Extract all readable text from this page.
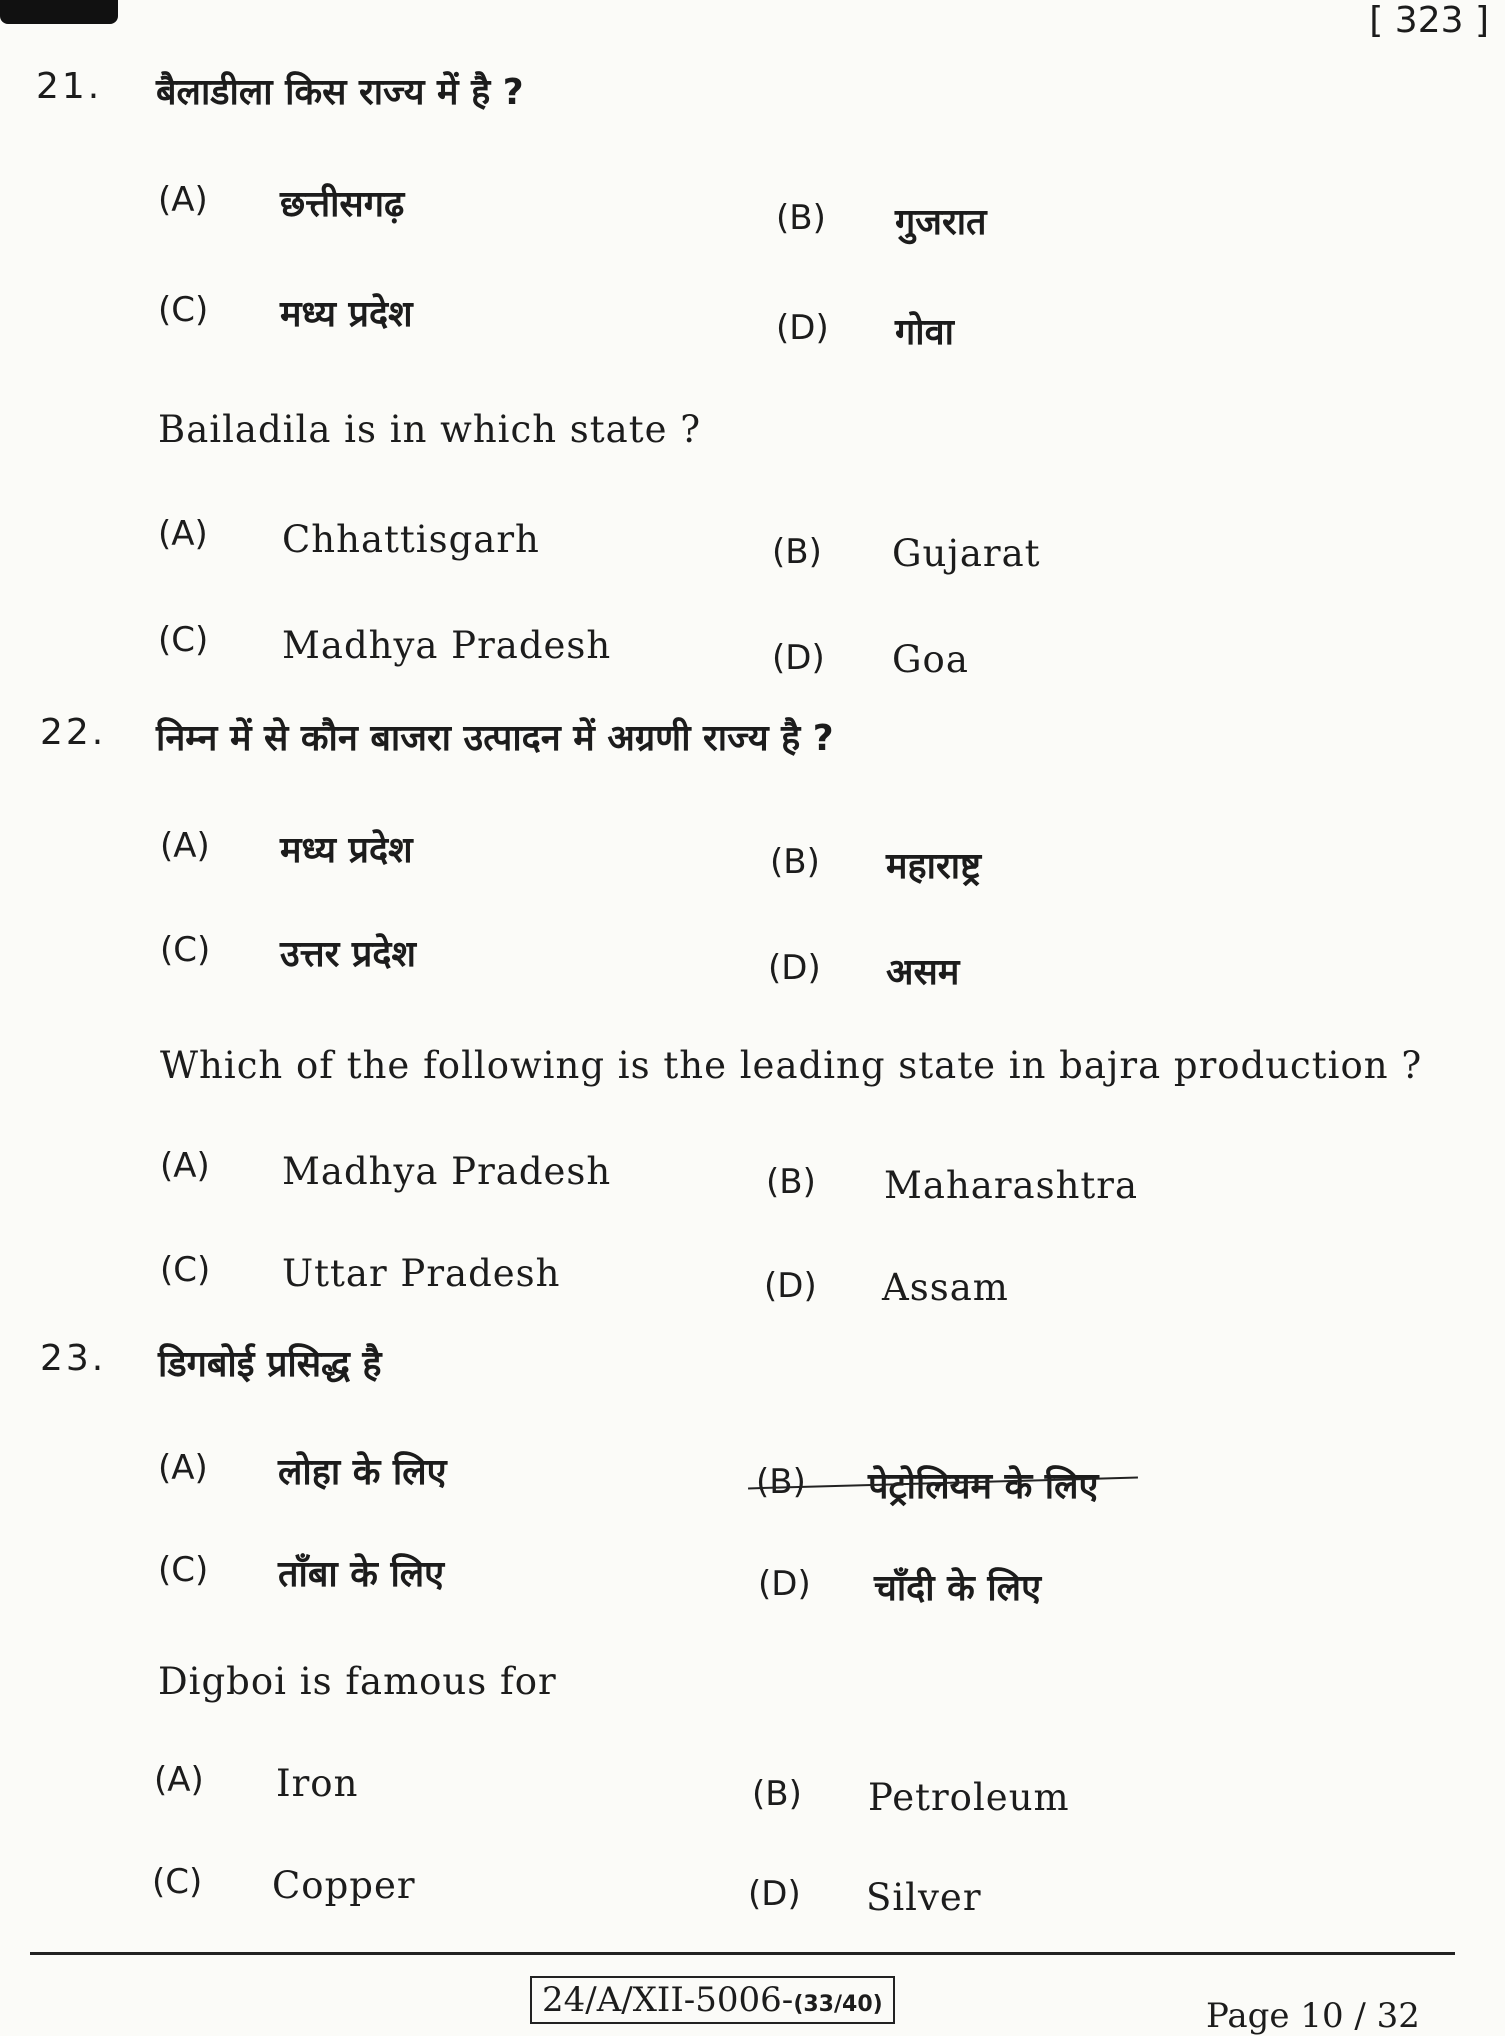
[ 323 ]
21. बैलाडीला किस राज्य में है ?
(A) छत्तीसगढ़	(B) गुजरात
(C) मध्य प्रदेश	(D) गोवा
Bailadila is in which state ?
(A) Chhattisgarh	(B) Gujarat
(C) Madhya Pradesh	(D) Goa
22. निम्न में से कौन बाजरा उत्पादन में अग्रणी राज्य है ?
(A) मध्य प्रदेश	(B) महाराष्ट्र
(C) उत्तर प्रदेश	(D) असम
Which of the following is the leading state in bajra production ?
(A) Madhya Pradesh	(B) Maharashtra
(C) Uttar Pradesh	(D) Assam
23. डिगबोई प्रसिद्ध है
(A) लोहा के लिए	(B) पेट्रोलियम के लिए
(C) ताँबा के लिए	(D) चाँदी के लिए
Digboi is famous for
(A) Iron	(B) Petroleum
(C) Copper	(D) Silver
24/A/XII-5006-(33/40)	Page 10 / 32
